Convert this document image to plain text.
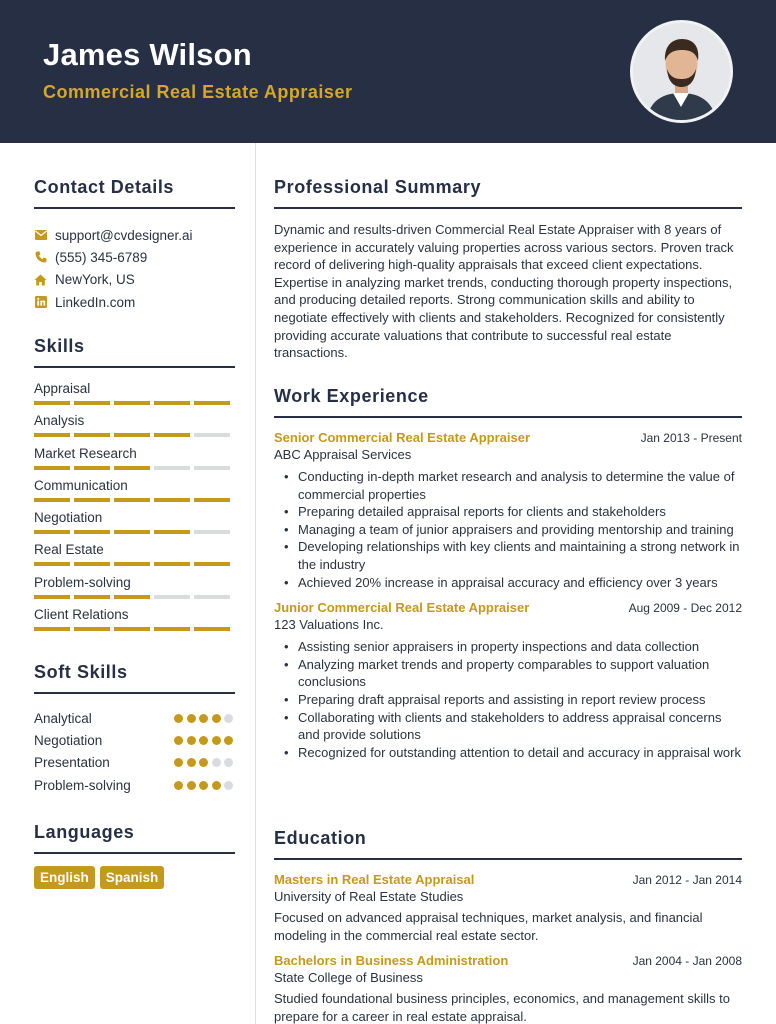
James Wilson
Commercial Real Estate Appraiser
Contact Details
support@cvdesigner.ai
(555) 345-6789
NewYork, US
LinkedIn.com
Skills
Appraisal
Analysis
Market Research
Communication
Negotiation
Real Estate
Problem-solving
Client Relations
Soft Skills
Analytical
Negotiation
Presentation
Problem-solving
Languages
English	Spanish
Professional Summary
Dynamic and results-driven Commercial Real Estate Appraiser with 8 years of experience in accurately valuing properties across various sectors. Proven track record of delivering high-quality appraisals that exceed client expectations. Expertise in analyzing market trends, conducting thorough property inspections, and producing detailed reports. Strong communication skills and ability to negotiate effectively with clients and stakeholders. Recognized for consistently providing accurate valuations that contribute to successful real estate transactions.
Work Experience
Senior Commercial Real Estate Appraiser	Jan 2013 - Present
ABC Appraisal Services
• Conducting in-depth market research and analysis to determine the value of commercial properties
• Preparing detailed appraisal reports for clients and stakeholders
• Managing a team of junior appraisers and providing mentorship and training
• Developing relationships with key clients and maintaining a strong network in the industry
• Achieved 20% increase in appraisal accuracy and efficiency over 3 years
Junior Commercial Real Estate Appraiser	Aug 2009 - Dec 2012
123 Valuations Inc.
• Assisting senior appraisers in property inspections and data collection
• Analyzing market trends and property comparables to support valuation conclusions
• Preparing draft appraisal reports and assisting in report review process
• Collaborating with clients and stakeholders to address appraisal concerns and provide solutions
• Recognized for outstanding attention to detail and accuracy in appraisal work
Education
Masters in Real Estate Appraisal	Jan 2012 - Jan 2014
University of Real Estate Studies
Focused on advanced appraisal techniques, market analysis, and financial modeling in the commercial real estate sector.
Bachelors in Business Administration	Jan 2004 - Jan 2008
State College of Business
Studied foundational business principles, economics, and management skills to prepare for a career in real estate appraisal.
